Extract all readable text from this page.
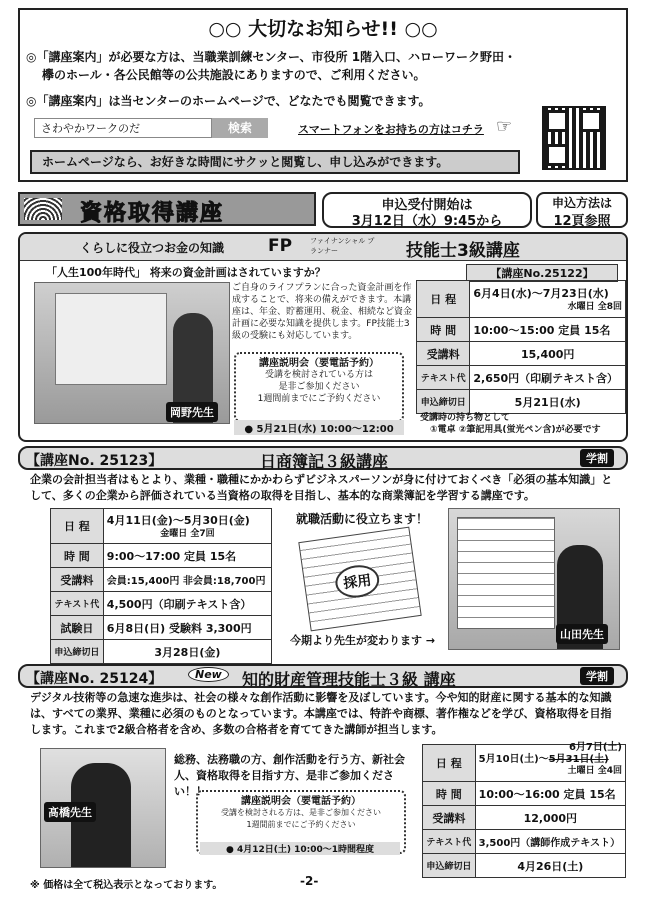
○○ 大切なお知らせ!! ○○
◎「講座案内」が必要な方は、当職業訓練センター、市役所 1階入口、ハローワーク野田・
欅のホール・各公民館等の公共施設にありますので、ご利用ください。
◎「講座案内」は当センターのホームページで、どなたでも閲覧できます。
さわやかワークのだ	検索	スマートフォンをお持ちの方はコチラ ☞
ホームページなら、お好きな時間にサクッと閲覧し、申し込みができます。
資格取得講座	申込受付開始は
3月12日（水）9:45から
申込方法は
12頁参照
くらしに役立つお金の知識	FP	ファイナンシャル プランナー	技能士3級講座
「人生100年時代」 将来の資金計画はされていますか？
岡野先生
ご自身のライフプランに合った資金計画を作成することで、将来の備えができます。本講座は、年金、貯蓄運用、税金、相続など資金計画に必要な知識を提供します。FP技能士3級の受験にも対応しています。
講座説明会（要電話予約）
受講を検討されている方は
是非ご参加ください
1週間前までにご予約ください
● 5月21日(水) 10:00～12:00
【講座No.25122】
日 程	6月4日(水)～7月23日(水)
水曜日 全8回

時 間	10:00～15:00 定員 15名
受講料	15,400円
テキスト代	2,650円（印刷テキスト含）
申込締切日	5月21日(水)
受講時の持ち物として
①電卓 ②筆記用具(蛍光ペン含)が必要です
【講座No. 25123】	日商簿記３級講座	学割
企業の会計担当者はもとより、業種・職種にかかわらずビジネスパーソンが身に付けておくべき「必須の基本知識」として、多くの企業から評価されている当資格の取得を目指し、基本的な商業簿記を学習する講座です。
日 程	4月11日(金)～5月30日(金)
金曜日 全7回

時 間	9:00～17:00 定員 15名
受講料	会員:15,400円 非会員:18,700円
テキスト代	4,500円（印刷テキスト含）
試験日	6月8日(日) 受験料 3,300円
申込締切日	3月28日(金)
就職活動に役立ちます！
採用
今期より先生が変わります →	山田先生
【講座No. 25124】	New	知的財産管理技能士３級 講座	学割
デジタル技術等の急速な進歩は、社会の様々な創作活動に影響を及ぼしています。今や知的財産に関する基本的な知識は、すべての業界、業種に必須のものとなっています。本講座では、特許や商標、著作権などを学び、資格取得を目指します。これまで2級合格者を含め、多数の合格者を育ててきた講師が担当します。
髙橋先生
総務、法務職の方、創作活動を行う方、新社会人、資格取得を目指す方、是非ご参加ください！！
講座説明会（要電話予約）
受講を検討される方は、是非ご参加ください
1週間前までにご予約ください
● 4月12日(土) 10:00～1時間程度
日 程	5月10日(土)～5月31日(土)
6月7日(土)
土曜日 全4回

時 間	10:00～16:00 定員 15名
受講料	12,000円
テキスト代	3,500円（講師作成テキスト）
申込締切日	4月26日(土)
※ 価格は全て税込表示となっております。	-2-
